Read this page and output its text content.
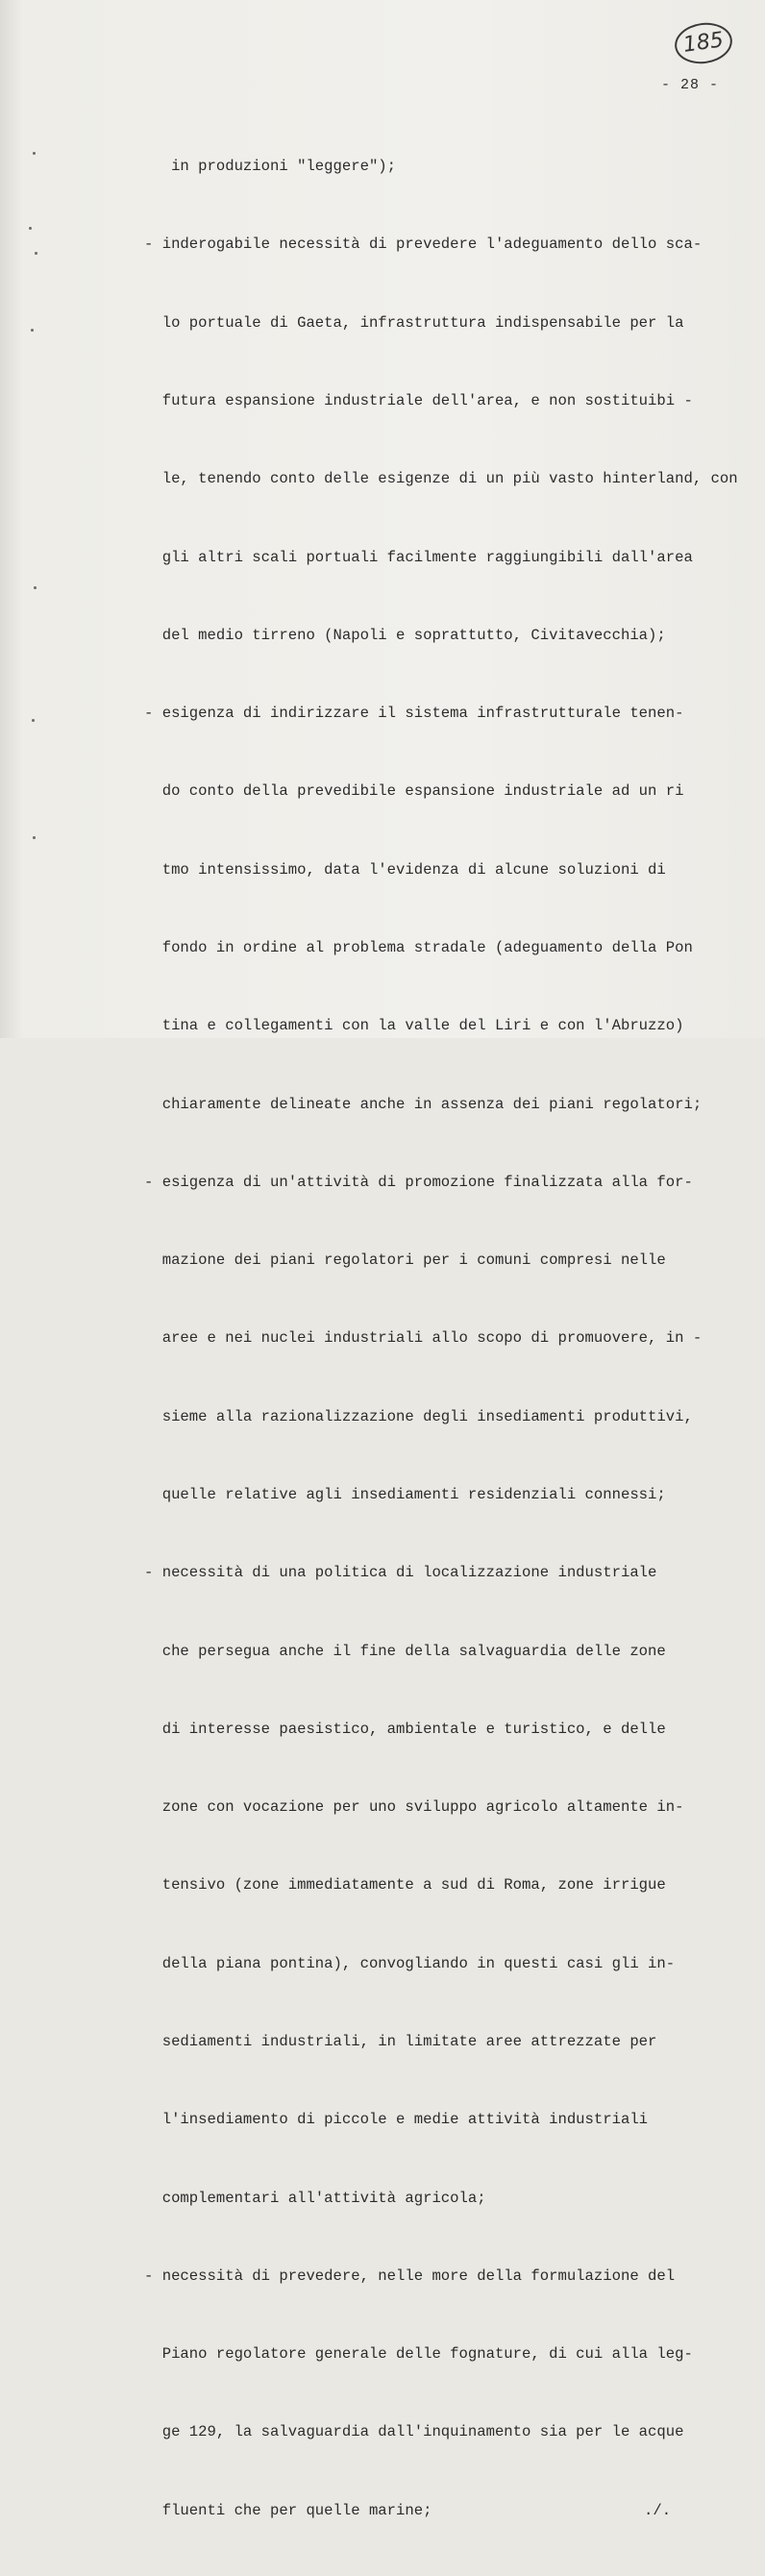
185
- 28 -

in produzioni "leggere");

- inderogabile necessità di prevedere l'adeguamento dello sca-

lo portuale di Gaeta, infrastruttura indispensabile per la

futura espansione industriale dell'area, e non sostituibi -

le, tenendo conto delle esigenze di un più vasto hinterland, con

gli altri scali portuali facilmente raggiungibili dall'area

del medio tirreno (Napoli e soprattutto, Civitavecchia);

- esigenza di indirizzare il sistema infrastrutturale tenen-

do conto della prevedibile espansione industriale ad un ri

tmo intensissimo, data l'evidenza di alcune soluzioni di

fondo in ordine al problema stradale (adeguamento della Pon

tina e collegamenti con la valle del Liri e con l'Abruzzo)

chiaramente delineate anche in assenza dei piani regolatori;

- esigenza di un'attività di promozione finalizzata alla for-

mazione dei piani regolatori per i comuni compresi nelle

aree e nei nuclei industriali allo scopo di promuovere, in -

sieme alla razionalizzazione degli insediamenti produttivi,

quelle relative agli insediamenti residenziali connessi;

- necessità di una politica di localizzazione industriale

che persegua anche il fine della salvaguardia delle zone

di interesse paesistico, ambientale e turistico, e delle

zone con vocazione per uno sviluppo agricolo altamente in-

tensivo (zone immediatamente a sud di Roma, zone irrigue

della piana pontina), convogliando in questi casi gli in-

sediamenti industriali, in limitate aree attrezzate per

l'insediamento di piccole e medie attività industriali

complementari all'attività agricola;

- necessità di prevedere, nelle more della formulazione del

Piano regolatore generale delle fognature, di cui alla leg-

ge 129, la salvaguardia dall'inquinamento sia per le acque

fluenti che per quelle marine;	./.
